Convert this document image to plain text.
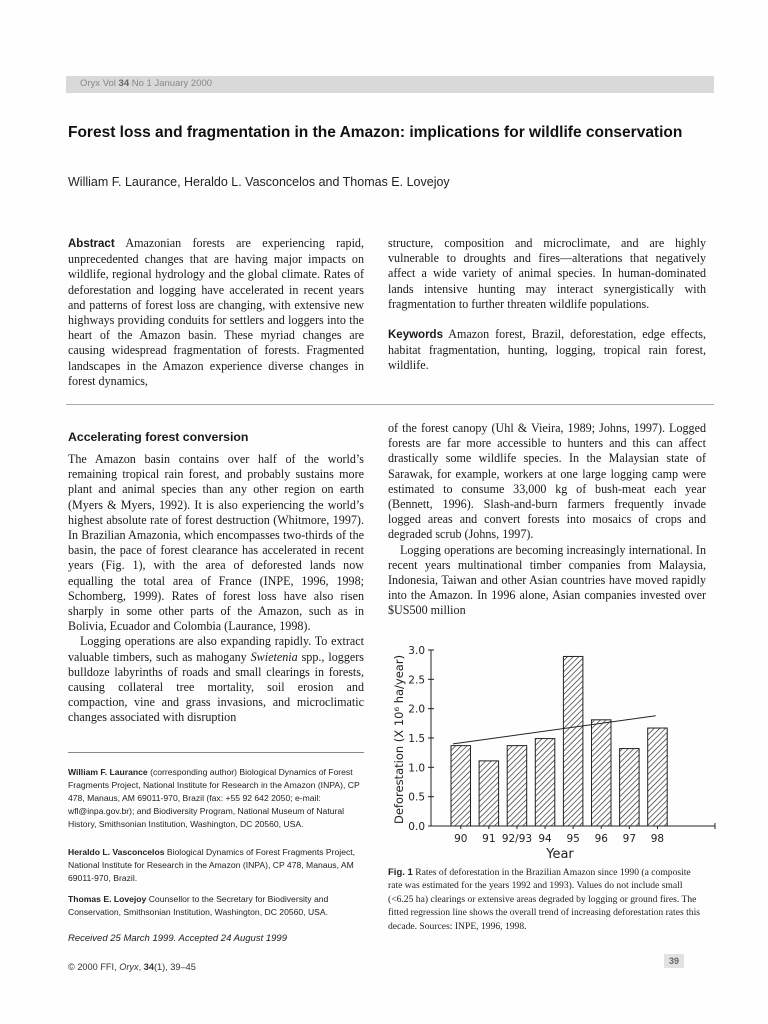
Oryx Vol 34 No 1 January 2000
Forest loss and fragmentation in the Amazon: implications for wildlife conservation
William F. Laurance, Heraldo L. Vasconcelos and Thomas E. Lovejoy

Abstract Amazonian forests are experiencing rapid, unprecedented changes that are having major impacts on wildlife, regional hydrology and the global climate. Rates of deforestation and logging have accelerated in recent years and patterns of forest loss are changing, with extensive new highways providing conduits for settlers and loggers into the heart of the Amazon basin. These myriad changes are causing widespread fragmentation of forests. Fragmented landscapes in the Amazon experience diverse changes in forest dynamics,

structure, composition and microclimate, and are highly vulnerable to droughts and fires—alterations that negatively affect a wide variety of animal species. In human-dominated lands intensive hunting may interact synergistically with fragmentation to further threaten wildlife populations.

Keywords Amazon forest, Brazil, deforestation, edge effects, habitat fragmentation, hunting, logging, tropical rain forest, wildlife.

Accelerating forest conversion

The Amazon basin contains over half of the world’s remaining tropical rain forest, and probably sustains more plant and animal species than any other region on earth (Myers & Myers, 1992). It is also experiencing the world’s highest absolute rate of forest destruction (Whitmore, 1997). In Brazilian Amazonia, which encompasses two-thirds of the basin, the pace of forest clearance has accelerated in recent years (Fig. 1), with the area of deforested lands now equalling the total area of France (INPE, 1996, 1998; Schomberg, 1999). Rates of forest loss have also risen sharply in some other parts of the Amazon, such as in Bolivia, Ecuador and Colombia (Laurance, 1998).

Logging operations are also expanding rapidly. To extract valuable timbers, such as mahogany Swietenia spp., loggers bulldoze labyrinths of roads and small clearings in forests, causing collateral tree mortality, soil erosion and compaction, vine and grass invasions, and microclimatic changes associated with disruption

of the forest canopy (Uhl & Vieira, 1989; Johns, 1997). Logged forests are far more accessible to hunters and this can affect drastically some wildlife species. In the Malaysian state of Sarawak, for example, workers at one large logging camp were estimated to consume 33,000 kg of bush-meat each year (Bennett, 1996). Slash-and-burn farmers frequently invade logged areas and convert forests into mosaics of crops and degraded scrub (Johns, 1997).

Logging operations are becoming increasingly international. In recent years multinational timber companies from Malaysia, Indonesia, Taiwan and other Asian countries have moved rapidly into the Amazon. In 1996 alone, Asian companies invested over $US500 million

William F. Laurance (corresponding author) Biological Dynamics of Forest Fragments Project, National Institute for Research in the Amazon (INPA), CP 478, Manaus, AM 69011-970, Brazil (fax: +55 92 642 2050; e-mail: wfl@inpa.gov.br); and Biodiversity Program, National Museum of Natural History, Smithsonian Institution, Washington, DC 20560, USA.
Heraldo L. Vasconcelos Biological Dynamics of Forest Fragments Project, National Institute for Research in the Amazon (INPA), CP 478, Manaus, AM 69011-970, Brazil.
Thomas E. Lovejoy Counsellor to the Secretary for Biodiversity and Conservation, Smithsonian Institution, Washington, DC 20560, USA.
Received 25 March 1999. Accepted 24 August 1999
© 2000 FFI, Oryx, 34(1), 39–45
39
90 91 92/93 94 95 96 97 98
0.0
0.5
1.0
1.5
2.0
2.5
3.0
Deforestation (X 10⁶ ha/year)
Year
Fig. 1 Rates of deforestation in the Brazilian Amazon since 1990 (a composite rate was estimated for the years 1992 and 1993). Values do not include small (<6.25 ha) clearings or extensive areas degraded by logging or ground fires. The fitted regression line shows the overall trend of increasing deforestation rates this decade. Sources: INPE, 1996, 1998.
